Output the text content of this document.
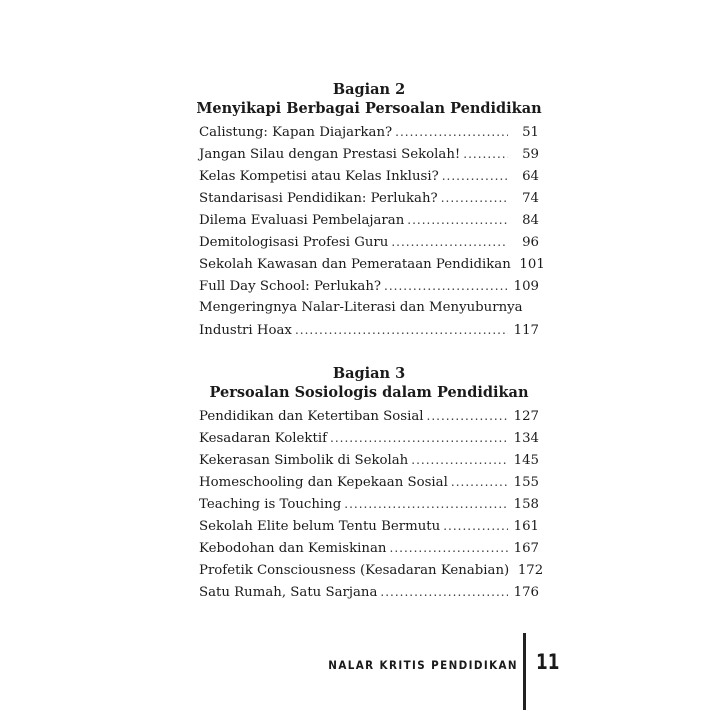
Bagian 2
Menyikapi Berbagai Persoalan Pendidikan
Calistung: Kapan Diajarkan? .....	51
Jangan Silau dengan Prestasi Sekolah! .....	59
Kelas Kompetisi atau Kelas Inklusi? .....	64
Standarisasi Pendidikan: Perlukah? .....	74
Dilema Evaluasi Pembelajaran .....	84
Demitologisasi Profesi Guru .....	96
Sekolah Kawasan dan Pemerataan Pendidikan 101
Full Day School: Perlukah? .....	109
Mengeringnya Nalar-Literasi dan Menyuburnya
Industri Hoax .....	117
Bagian 3
Persoalan Sosiologis dalam Pendidikan
Pendidikan dan Ketertiban Sosial .....	127
Kesadaran Kolektif .....	134
Kekerasan Simbolik di Sekolah .....	145
Homeschooling dan Kepekaan Sosial .....	155
Teaching is Touching .....	158
Sekolah Elite belum Tentu Bermutu .....	161
Kebodohan dan Kemiskinan .....	167
Profetik Consciousness (Kesadaran Kenabian) 172
Satu Rumah, Satu Sarjana .....	176
NALAR KRITIS PENDIDIKAN 11
